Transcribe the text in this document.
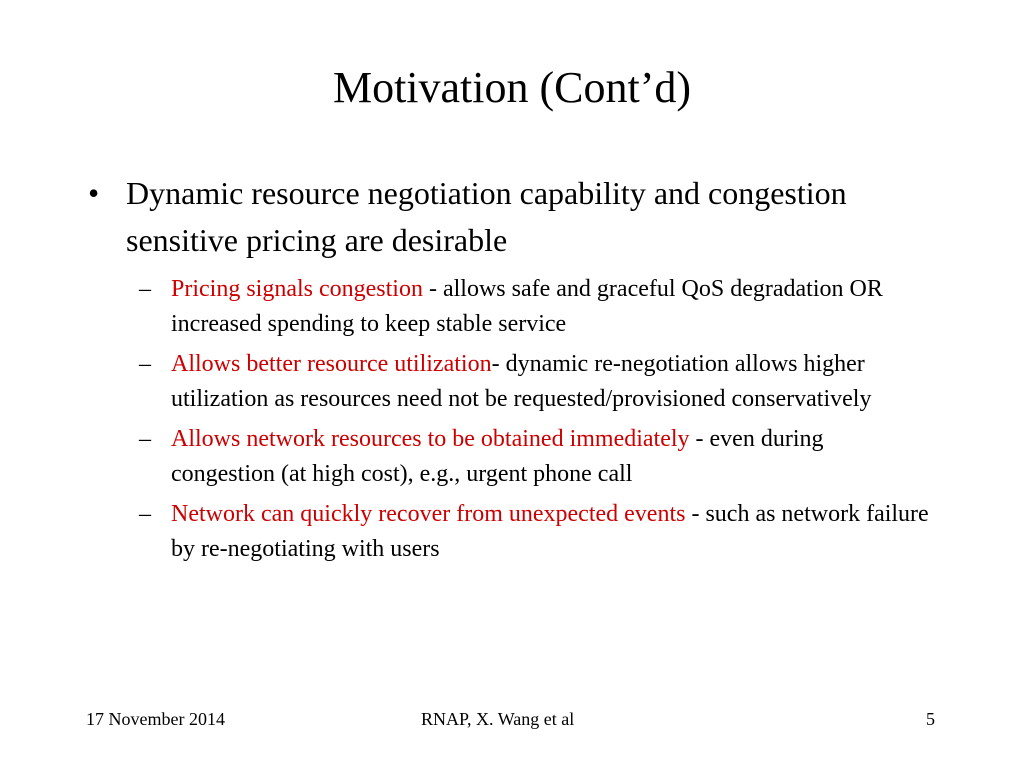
Motivation (Cont’d)
• Dynamic resource negotiation capability and congestion sensitive pricing are desirable
– Pricing signals congestion - allows safe and graceful QoS degradation OR increased spending to keep stable service
– Allows better resource utilization- dynamic re-negotiation allows higher utilization as resources need not be requested/provisioned conservatively
– Allows network resources to be obtained immediately - even during congestion (at high cost), e.g., urgent phone call
– Network can quickly recover from unexpected events - such as network failure by re-negotiating with users
17 November 2014	RNAP, X. Wang et al	5
